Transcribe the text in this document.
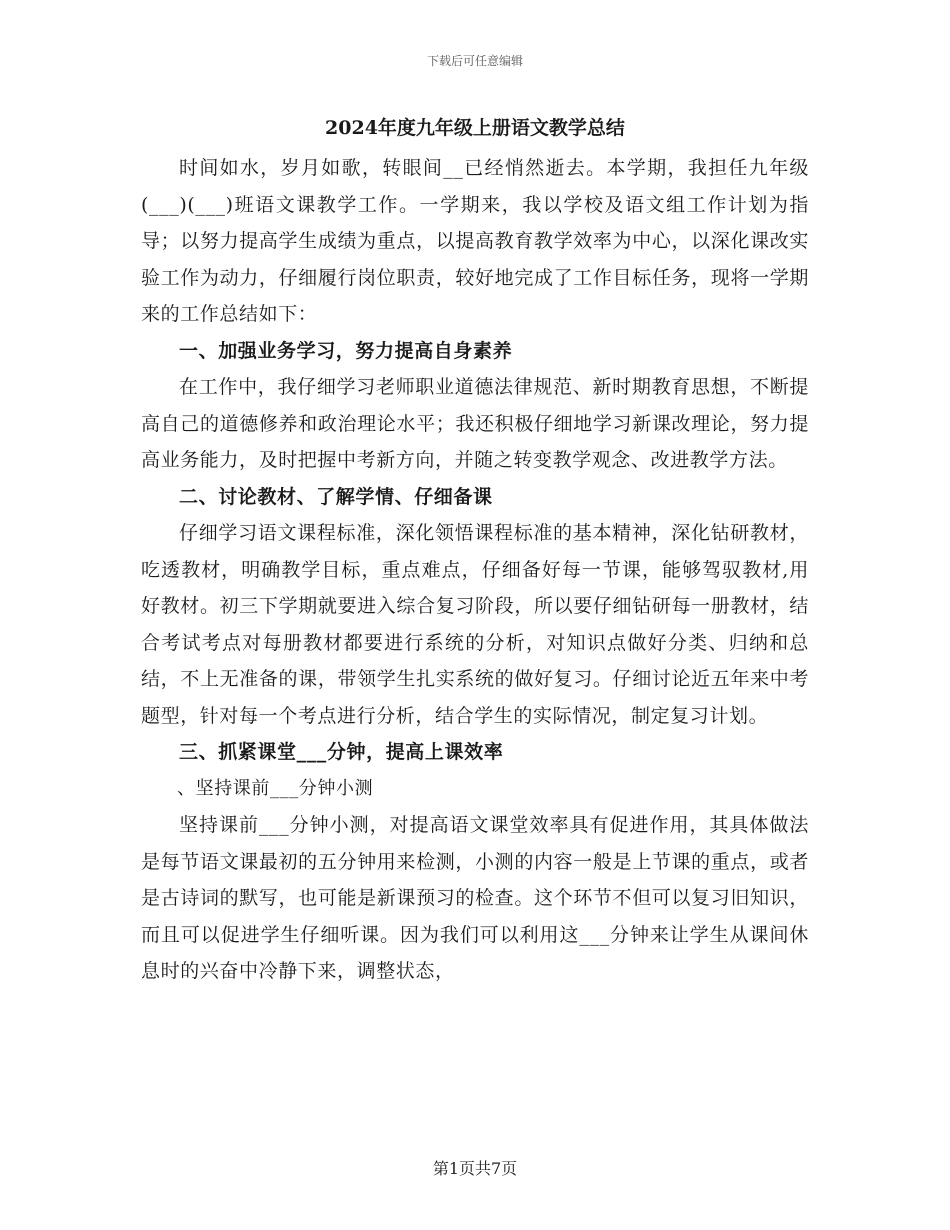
下载后可任意编辑
2024年度九年级上册语文教学总结

时间如水，岁月如歌，转眼间__已经悄然逝去。本学期，我担任九年级(___)(___)班语文课教学工作。一学期来，我以学校及语文组工作计划为指导；以努力提高学生成绩为重点，以提高教育教学效率为中心，以深化课改实验工作为动力，仔细履行岗位职责，较好地完成了工作目标任务，现将一学期来的工作总结如下：

一、加强业务学习，努力提高自身素养

在工作中，我仔细学习老师职业道德法律规范、新时期教育思想，不断提高自己的道德修养和政治理论水平；我还积极仔细地学习新课改理论，努力提高业务能力，及时把握中考新方向，并随之转变教学观念、改进教学方法。

二、讨论教材、了解学情、仔细备课

仔细学习语文课程标准，深化领悟课程标准的基本精神，深化钻研教材，吃透教材，明确教学目标，重点难点，仔细备好每一节课，能够驾驭教材,用好教材。初三下学期就要进入综合复习阶段，所以要仔细钻研每一册教材，结合考试考点对每册教材都要进行系统的分析，对知识点做好分类、归纳和总结，不上无准备的课，带领学生扎实系统的做好复习。仔细讨论近五年来中考题型，针对每一个考点进行分析，结合学生的实际情况，制定复习计划。

三、抓紧课堂___分钟，提高上课效率

、坚持课前___分钟小测

坚持课前___分钟小测，对提高语文课堂效率具有促进作用，其具体做法是每节语文课最初的五分钟用来检测，小测的内容一般是上节课的重点，或者是古诗词的默写，也可能是新课预习的检查。这个环节不但可以复习旧知识，而且可以促进学生仔细听课。因为我们可以利用这___分钟来让学生从课间休息时的兴奋中冷静下来，调整状态，

第1页共7页
